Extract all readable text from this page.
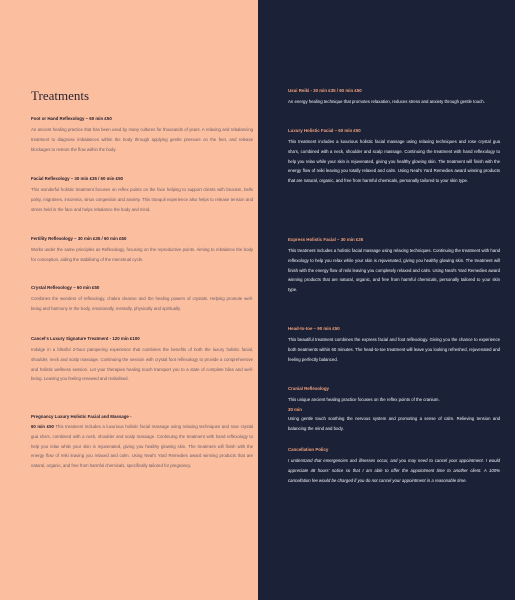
Treatments

Foot or Hand Reflexology – 60 min £50

An ancient healing practice that has been used by many cultures for thousands of years. A relaxing and rebalancing treatment to diagnose imbalances within the body through applying gentle pressure on the feet, and release blockages to restore the flow within the body.

Facial Reflexology – 30 min £35 / 60 min £50

This wonderful holistic treatment focuses on reflex points on the face helping to support clients with bruxism, bells palsy, migraines, insomnia, sinus congestion and anxiety. This tranquil experience also helps to release tension and stress held in the face and helps rebalance the body and mind.

Fertility Reflexology – 30 min £35 / 60 min £50

Works under the same principles as Reflexology, focusing on the reproductive points. Aiming to rebalance the body for conception, aiding the stabilising of the menstrual cycle.

Crystal Reflexology – 60 min £50

Combines the wonders of reflexology, chakra cleanse and the healing powers of crystals. Helping promote well-being and harmony in the body, emotionally, mentally, physically and spiritually.

Cancel's Luxury Signature Treatment - 120 min £100

Indulge in a blissful 2-hour pampering experience that combines the benefits of both the luxury holistic facial, shoulder, neck and scalp massage. Continuing the session with crystal foot reflexology to provide a comprehensive and holistic wellness session. Let your therapies healing touch transport you to a state of complete bliss and well-being. Leaving you feeling renewed and revitalised.

Pregnancy Luxury Holistic Facial and Massage -

60 min £50 This treatment includes a luxurious holistic facial massage using relaxing techniques and rose crystal gua sha's, combined with a neck, shoulder and scalp massage. Continuing the treatment with hand reflexology to help you relax while your skin is rejuvenated, giving you healthy glowing skin. The treatment will finish with the energy flow of reiki leaving you relaxed and calm. Using Neal's Yard Remedies award winning products that are natural, organic, and free from harmful chemicals, specifically tailored for pregnancy.

Usui Reiki - 30 min £35 / 60 min £50

An energy healing technique that promotes relaxation, reduces stress and anxiety through gentle touch.

Luxury Holistic Facial – 60 min £50

This treatment includes a luxurious holistic facial massage using relaxing techniques and rose crystal gua sha's, combined with a neck, shoulder and scalp massage. Continuing the treatment with hand reflexology to help you relax while your skin is rejuvenated, giving you healthy glowing skin. The treatment will finish with the energy flow of reiki leaving you totally relaxed and calm. Using Neal's Yard Remedies award winning products that are natural, organic, and free from harmful chemicals, personally tailored to your skin type.

Express Holistic Facial – 30 min £35

This treatment includes a holistic facial massage using relaxing techniques. Continuing the treatment with hand reflexology to help you relax while your skin is rejuvenated, giving you healthy glowing skin. The treatment will finish with the energy flow of reiki leaving you completely relaxed and calm. Using Neal's Yard Remedies award winning products that are natural, organic, and free from harmful chemicals, personally tailored to your skin type.

Head-to-toe – 90 min £50

This beautiful treatment combines the express facial and foot reflexology. Giving you the chance to experience both treatments within 60 minutes. The head-to-toe treatment will leave you looking refreshed, rejuvenated and feeling perfectly balanced.

Cranial Reflexology

This unique ancient healing practice focuses on the reflex points of the cranium.

30 min

Using gentle touch soothing the nervous system and promoting a sense of calm. Relieving tension and balancing the mind and body.

Cancellation Policy

I understand that emergencies and illnesses occur, and you may need to cancel your appointment. I would appreciate 48 hours' notice so that I am able to offer the appointment time to another client. A 100% cancellation fee would be charged if you do not cancel your appointment in a reasonable time.
